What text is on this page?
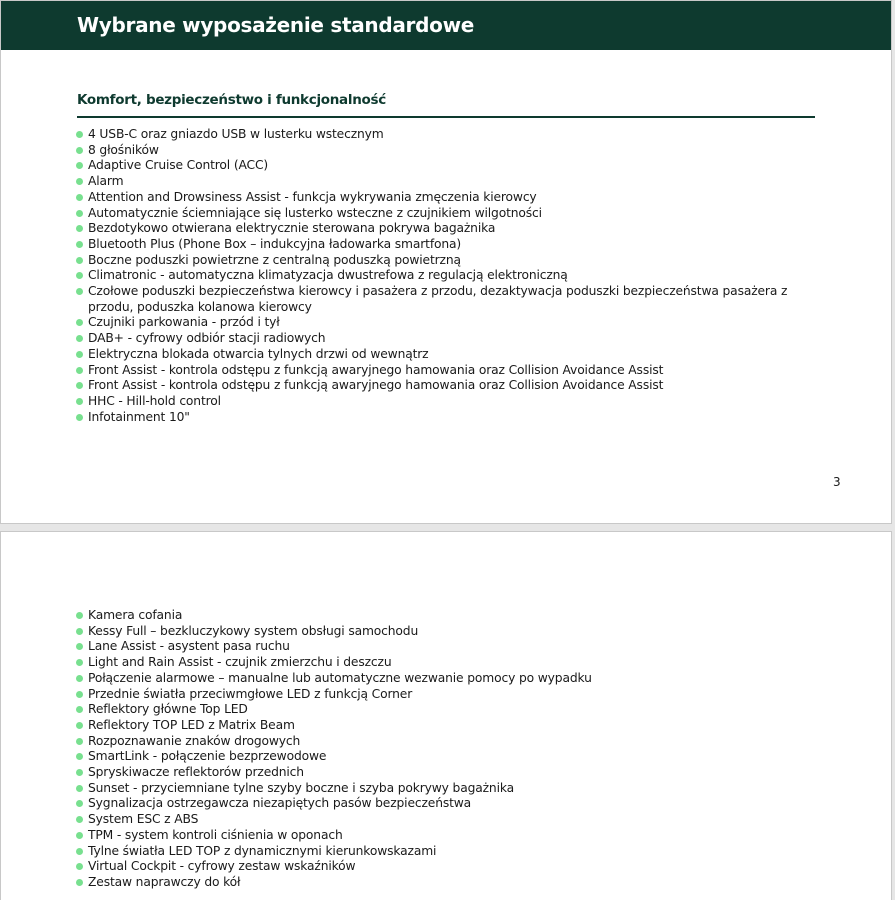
Wybrane wyposażenie standardowe
Komfort, bezpieczeństwo i funkcjonalność
3
4 USB-C oraz gniazdo USB w lusterku wstecznym
8 głośników
Adaptive Cruise Control (ACC)
Alarm
Attention and Drowsiness Assist - funkcja wykrywania zmęczenia kierowcy
Automatycznie ściemniające się lusterko wsteczne z czujnikiem wilgotności
Bezdotykowo otwierana elektrycznie sterowana pokrywa bagażnika
Bluetooth Plus (Phone Box – indukcyjna ładowarka smartfona)
Boczne poduszki powietrzne z centralną poduszką powietrzną
Climatronic - automatyczna klimatyzacja dwustrefowa z regulacją elektroniczną
Czołowe poduszki bezpieczeństwa kierowcy i pasażera z przodu, dezaktywacja poduszki bezpieczeństwa pasażera z przodu, poduszka kolanowa kierowcy
Czujniki parkowania - przód i tył
DAB+ - cyfrowy odbiór stacji radiowych
Elektryczna blokada otwarcia tylnych drzwi od wewnątrz
Front Assist - kontrola odstępu z funkcją awaryjnego hamowania oraz Collision Avoidance Assist
Front Assist - kontrola odstępu z funkcją awaryjnego hamowania oraz Collision Avoidance Assist
HHC - Hill-hold control
Infotainment 10"
Kamera cofania
Kessy Full – bezkluczykowy system obsługi samochodu
Lane Assist - asystent pasa ruchu
Light and Rain Assist - czujnik zmierzchu i deszczu
Połączenie alarmowe – manualne lub automatyczne wezwanie pomocy po wypadku
Przednie światła przeciwmgłowe LED z funkcją Corner
Reflektory główne Top LED
Reflektory TOP LED z Matrix Beam
Rozpoznawanie znaków drogowych
SmartLink - połączenie bezprzewodowe
Spryskiwacze reflektorów przednich
Sunset - przyciemniane tylne szyby boczne i szyba pokrywy bagażnika
Sygnalizacja ostrzegawcza niezapiętych pasów bezpieczeństwa
System ESC z ABS
TPM - system kontroli ciśnienia w oponach
Tylne światła LED TOP z dynamicznymi kierunkowskazami
Virtual Cockpit - cyfrowy zestaw wskaźników
Zestaw naprawczy do kół
otomoto
